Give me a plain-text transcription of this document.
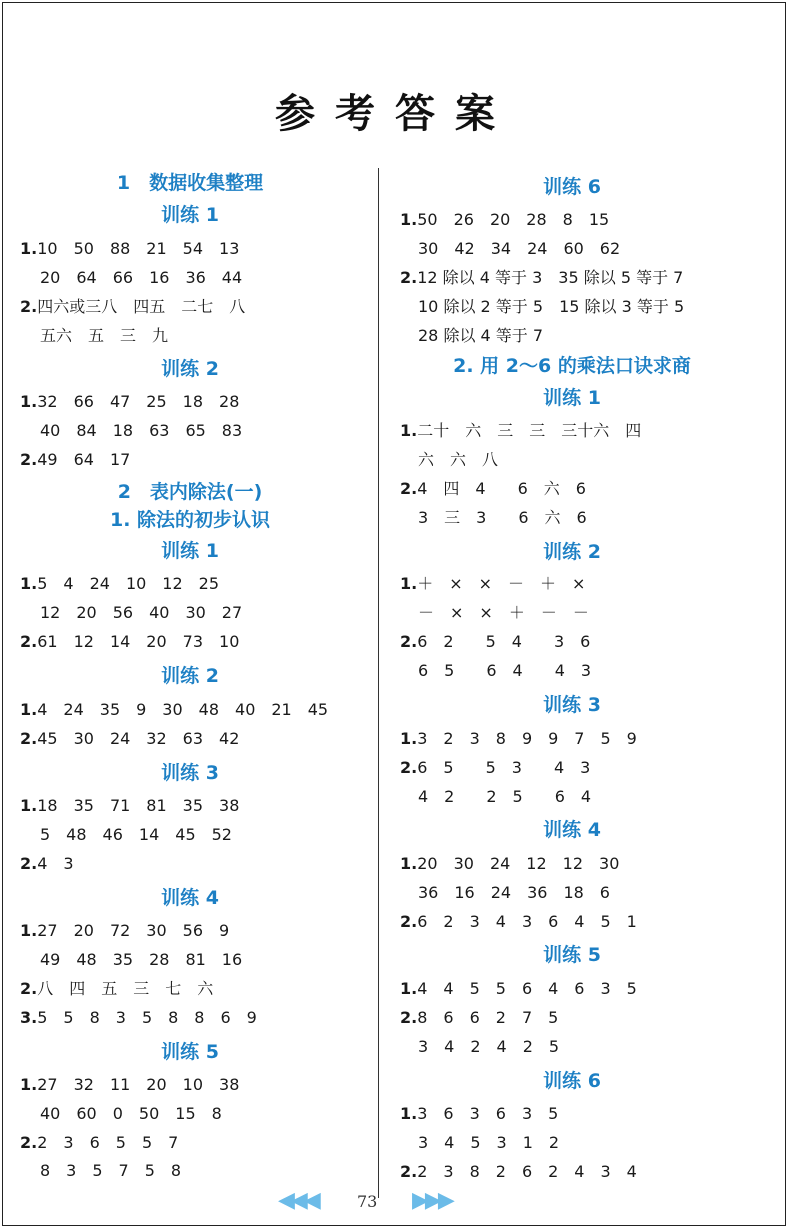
参考答案
1　数据收集整理
训练 1
1.10　50　88　21　54　13
20　64　66　16　36　44
2.四六或三八　四五　二七　八
五六　五　三　九
训练 2
1.32　66　47　25　18　28
40　84　18　63　65　83
2.49　64　17
2　表内除法(一)
1. 除法的初步认识
训练 1
1.5　4　24　10　12　25
12　20　56　40　30　27
2.61　12　14　20　73　10
训练 2
1.4　24　35　9　30　48　40　21　45
2.45　30　24　32　63　42
训练 3
1.18　35　71　81　35　38
5　48　46　14　45　52
2.4　3
训练 4
1.27　20　72　30　56　9
49　48　35　28　81　16
2.八　四　五　三　七　六
3.5　5　8　3　5　8　8　6　9
训练 5
1.27　32　11　20　10　38
40　60　0　50　15　8
2.2　3　6　5　5　7
8　3　5　7　5　8
训练 6
1.50　26　20　28　8　15
30　42　34　24　60　62
2.12 除以 4 等于 3　35 除以 5 等于 7
10 除以 2 等于 5　15 除以 3 等于 5
28 除以 4 等于 7
2. 用 2～6 的乘法口诀求商
训练 1
1.二十　六　三　三　三十六　四
六　六　八
2.4　四　4　　6　六　6
3　三　3　　6　六　6
训练 2
1.＋　×　×　－　＋　×
－　×　×　＋　－　－
2.6　2　　5　4　　3　6
6　5　　6　4　　4　3
训练 3
1.3　2　3　8　9　9　7　5　9
2.6　5　　5　3　　4　3
4　2　　2　5　　6　4
训练 4
1.20　30　24　12　12　30
36　16　24　36　18　6
2.6　2　3　4　3　6　4　5　1
训练 5
1.4　4　5　5　6　4　6　3　5
2.8　6　6　2　7　5
3　4　2　4　2　5
训练 6
1.3　6　3　6　3　5
3　4　5　3　1　2
2.2　3　8　2　6　2　4　3　4
◀◀◀	73 ▶▶▶
